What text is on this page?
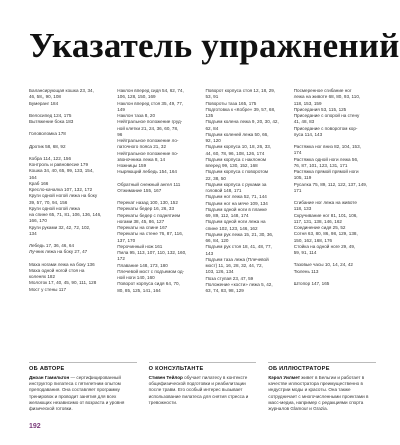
Указатель упражнений
Балансирующая кошка 23, 34,
46, 58,, 90, 108
Бумеранг 184
Велосипед 124, 175
Вытяжение бока 183
Головоломка 178
Дротик 58, 68, 92
Кобра 114, 122, 156
Контроль и равновесие 179
Кошка 34, 40, 65, 99, 133, 154,
164
Краб 166
Кресло-качалка 107, 132, 172
Круги одной ногой лежа на боку
39, 57, 70, 94, 156
Круги одной ногой лежа
на спине 65, 71, 81, 106, 136, 146,
166, 170
Круги руками 32, 42, 72, 102,
134
Лебедь 17, 36, 46, 64
Лучник лежа на боку 27, 47
Маха ногами лежа на боку 136
Маха одной ногой стоя на
коленях 182
Молоток 17, 40, 45, 90, 111, 128
Мост у стены 117
Наклон вперед сидя 54, 62, 74,
106, 128, 150, 169
Наклон вперед стоя 35, 49, 77,
149
Наклон таза 8, 20
Нейтральное положение груд-
ной клетки 21, 24, 36, 60, 78,
96
Нейтральное положение ло-
паточного пояса 21, 32
Нейтральное положение по-
звоночника лежа 8, 14
Ножницы 159
Ныряющий лебедь 154, 164
Обратный снежный ангел 111
Отжимание 155, 167
Перекат назад 100, 130, 152
Перекаты бедер 16, 26, 33
Перекаты бедер с поднятием
ногами 38, 45, 86, 127
Перекаты на спине 167
Перекаты на стене 76, 87, 116,
137, 170
Перочинный нож 161
Пила 95, 113, 107, 110, 132, 160,
172
Плавание 148, 173, 180
Плечевой мост с подъемом од-
ной ноги 140, 160
Поворот корпуса сидя 64, 70,
80, 85, 125, 141, 164
Поворот корпуса стоя 12, 18, 29,
53, 91
Повороты таза 165, 175
Подготовка к «Кобре» 39, 57, 68,
135
Подъем колена лежа 9, 20, 30, 42,
62, 84
Подъем коленей лежа 50, 66,
92, 120
Подъем корпуса 10, 18, 26, 33,
44, 60, 78, 96, 108, 126, 174
Подъем корпуса с наклоном
вперед 99, 130, 152, 168
Подъем корпуса с поворотом
22, 38, 50
Подъем корпуса с руками за
головой 148, 171
Подъем ног лежа 52, 71, 144
Подъем ног на мяче 109, 134
Подъем одной ноги в планке
69, 89, 112, 148, 174
Подъем одной ноги лежа на
спине 102, 123, 146, 162
Подъем рук лежа 15, 21, 30, 36,
66, 84, 120
Подъем рук стоя 18, 41, 48, 77,
143
Подъем таза лежа (Плечевой
мост) 11, 16, 28, 32, 44, 72,
103, 126, 134
Поза ступая 23, 47, 59
Положение «кости» лежа 5, 42,
63, 74, 83, 98, 129
Посмеренное сгибание ног
лежа на животе 68, 80, 93, 110,
118, 153, 159
Приседания 53, 115, 125
Приседание с опорой на стену
41, 48, 83
Приседание с поворотом кор-
пуса 114, 143
Растяжка ног вниз 82, 104, 153,
174
Растяжка одной ноги лежа 56,
76, 87, 101, 123, 131, 171
Растяжка прямой прямой ноги
105, 119
Русалка 75, 89, 112, 122, 137, 149,
171
Сгибание ног лежа на животе
118, 133
Скручивание ног 81, 101, 106,
117, 131, 138, 146, 162
Соединение сидя 25, 52
Сотня 63, 80, 86, 98, 129, 138,
150, 162, 168, 176
Стойка на одной ноге 29, 49,
59, 91, 114
Тазовые часы 10, 14, 24, 42
Тюлень 113
Штопор 147, 165
ОБ АВТОРЕ
Джоан Гамильтон — сертифицированный инструктор пилатеса с пятилетним опытом преподавания. Она составляет программу тренировок и проводит занятия для всех желающих независимо от возраста и уровня физической готовки.
О КОНСУЛЬТАНТЕ
Стивен Тейлор обучает пилатесу в контексте общефизической подготовки и реабилитации после травм. Его особый интерес вызывает использование пилатеса для снятия стресса и тревожности.
ОБ ИЛЛЮСТРАТОРЕ
Кэрол Уилмет живет в Бельгии и работает в качестве иллюстратора преимущественно в индустрии моды и красоты. Она также сотрудничает с многочисленными проектами в масс-медиа, например с редакциями спорта журналов Glamour и Grazia.
192
